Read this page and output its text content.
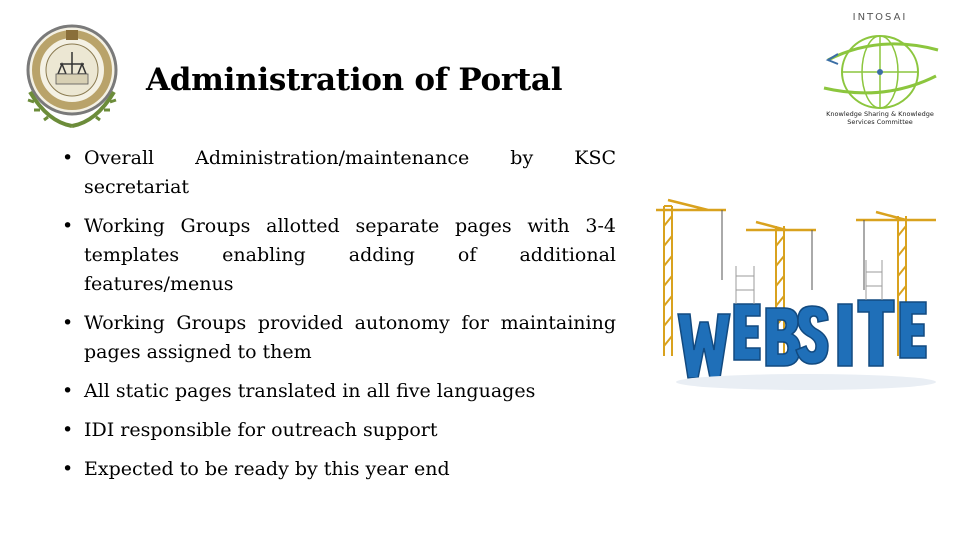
Administration of Portal
INTOSAI
Knowledge Sharing & Knowledge
Services Committee
• Overall Administration/maintenance by KSC secretariat
• Working Groups allotted separate pages with 3-4 templates enabling adding of additional features/menus
• Working Groups provided autonomy for maintaining pages assigned to them
• All static pages translated in all five languages
• IDI responsible for outreach support
• Expected to be ready by this year end
